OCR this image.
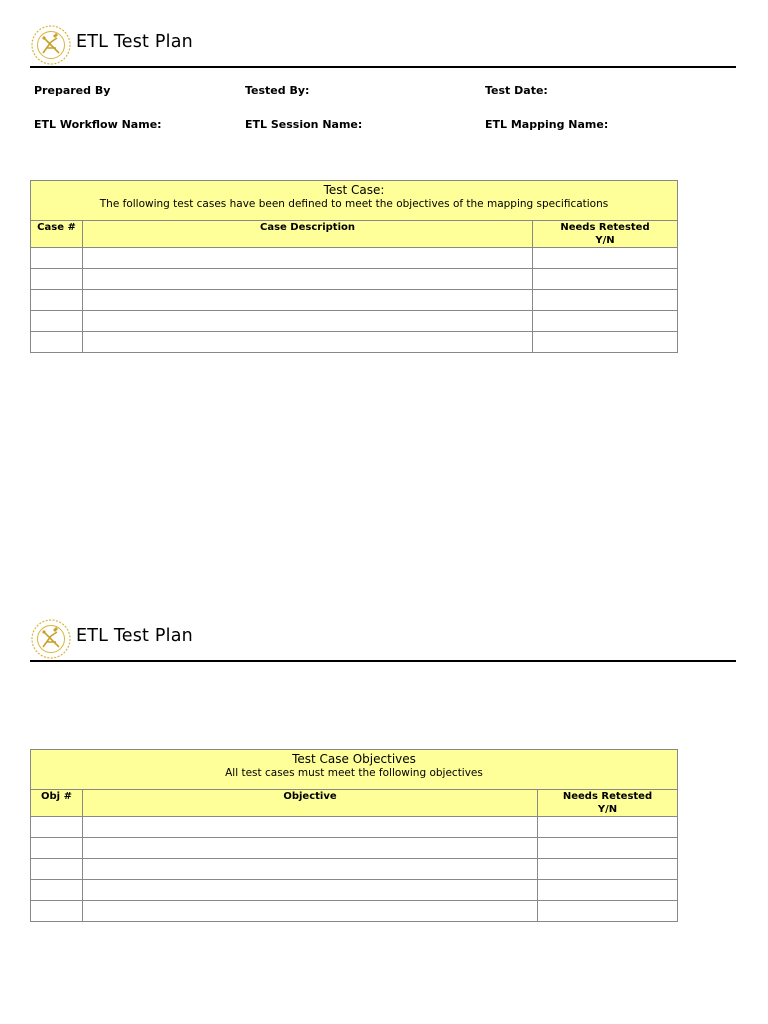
ETL Test Plan
Prepared By	Tested By:	Test Date:
ETL Workflow Name:	ETL Session Name:	ETL Mapping Name:
Test Case:
The following test cases have been defined to meet the objectives of the mapping specifications		

Case #	Case Description	Needs Retested
Y/N

ETL Test Plan
Test Case Objectives
All test cases must meet the following objectives		

Obj #	Objective	Needs Retested
Y/N
